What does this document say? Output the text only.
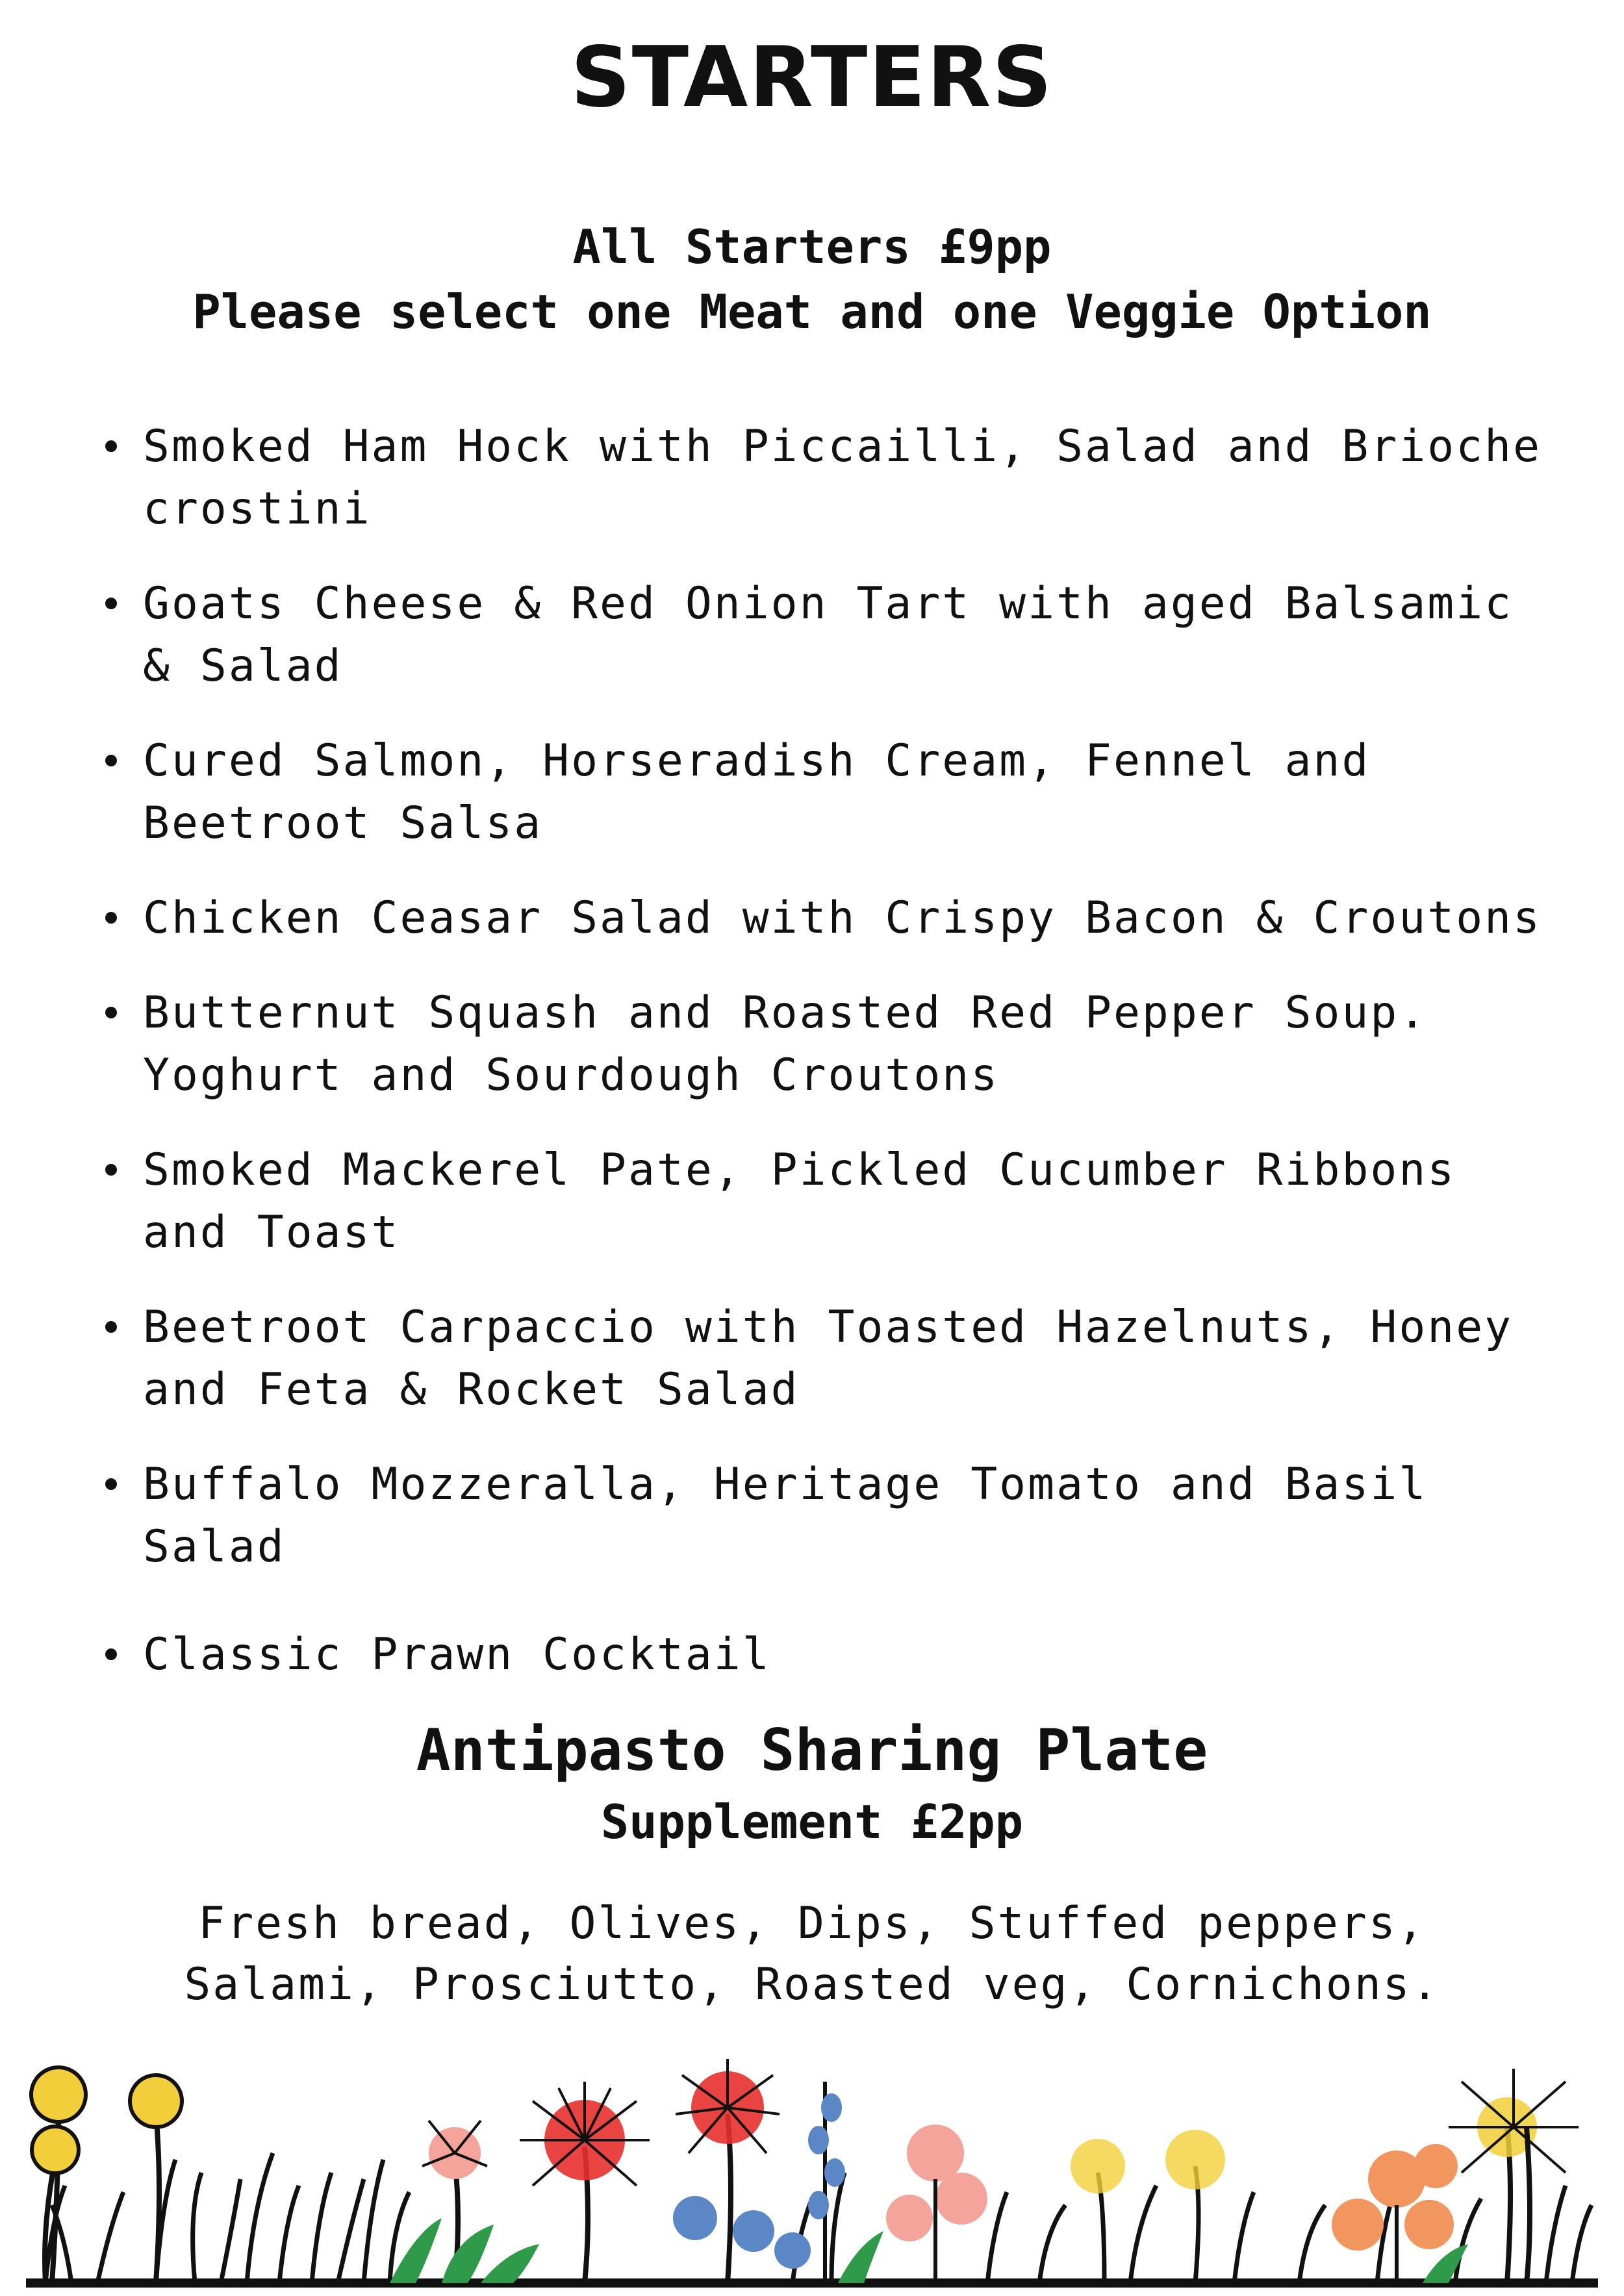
STARTERS

All Starters £9pp

Please select one Meat and one Veggie Option

Smoked Ham Hock with Piccailli, Salad and Brioche crostini
Goats Cheese & Red Onion Tart with aged Balsamic & Salad
Cured Salmon, Horseradish Cream, Fennel and Beetroot Salsa
Chicken Ceasar Salad with Crispy Bacon & Croutons
Butternut Squash and Roasted Red Pepper Soup. Yoghurt and Sourdough Croutons
Smoked Mackerel Pate, Pickled Cucumber Ribbons and Toast
Beetroot Carpaccio with Toasted Hazelnuts, Honey and Feta & Rocket Salad
Buffalo Mozzeralla, Heritage Tomato and Basil Salad
Classic Prawn Cocktail
Antipasto Sharing Plate

Supplement £2pp

Fresh bread, Olives, Dips, Stuffed peppers, Salami, Prosciutto, Roasted veg, Cornichons.
